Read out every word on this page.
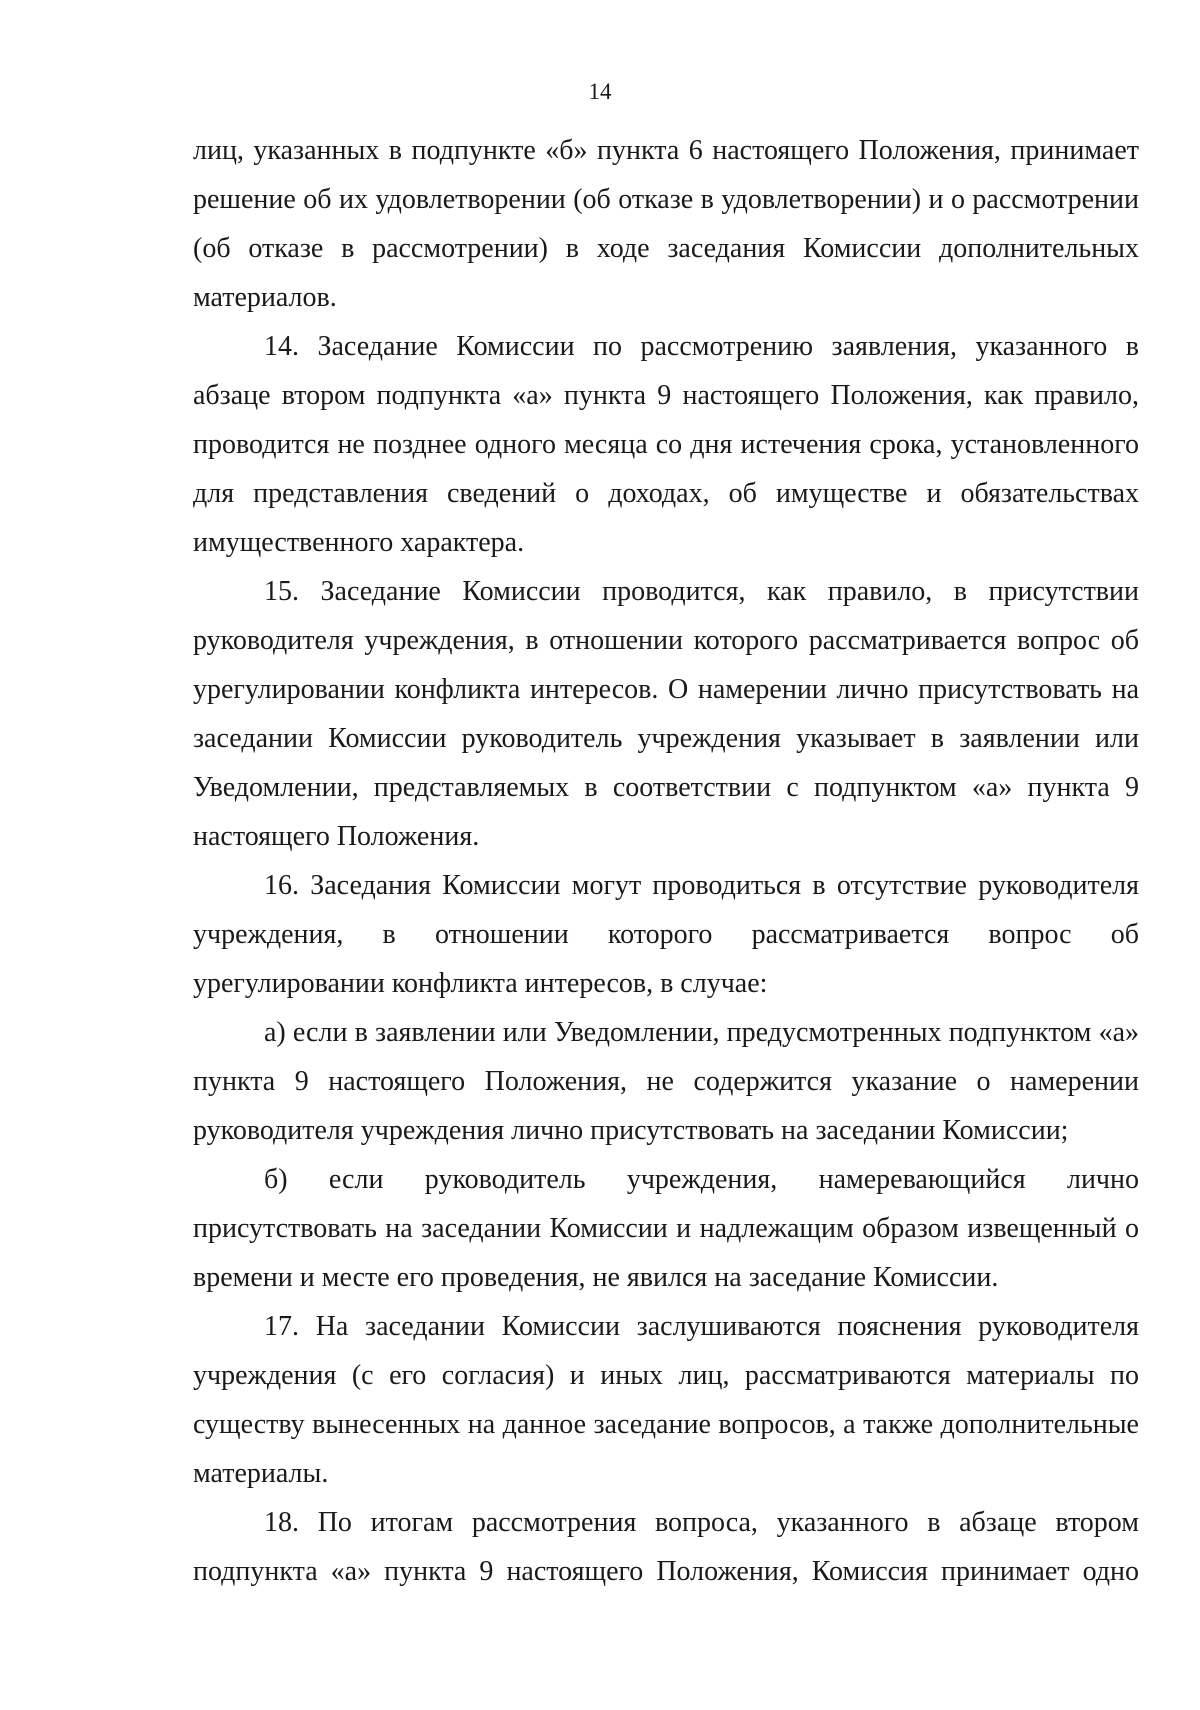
14

лиц, указанных в подпункте «б» пункта 6 настоящего Положения, принимает решение об их удовлетворении (об отказе в удовлетворении) и о рассмотрении (об отказе в рассмотрении) в ходе заседания Комиссии дополнительных материалов.

14. Заседание Комиссии по рассмотрению заявления, указанного в абзаце втором подпункта «а» пункта 9 настоящего Положения, как правило, проводится не позднее одного месяца со дня истечения срока, установленного для представления сведений о доходах, об имуществе и обязательствах имущественного характера.

15. Заседание Комиссии проводится, как правило, в присутствии руководителя учреждения, в отношении которого рассматривается вопрос об урегулировании конфликта интересов. О намерении лично присутствовать на заседании Комиссии руководитель учреждения указывает в заявлении или Уведомлении, представляемых в соответствии с подпунктом «а» пункта 9 настоящего Положения.

16. Заседания Комиссии могут проводиться в отсутствие руководителя учреждения, в отношении которого рассматривается вопрос об урегулировании конфликта интересов, в случае:

а) если в заявлении или Уведомлении, предусмотренных подпунктом «а» пункта 9 настоящего Положения, не содержится указание о намерении руководителя учреждения лично присутствовать на заседании Комиссии;

б) если руководитель учреждения, намеревающийся лично присутствовать на заседании Комиссии и надлежащим образом извещенный о времени и месте его проведения, не явился на заседание Комиссии.

17. На заседании Комиссии заслушиваются пояснения руководителя учреждения (с его согласия) и иных лиц, рассматриваются материалы по существу вынесенных на данное заседание вопросов, а также дополнительные материалы.

18. По итогам рассмотрения вопроса, указанного в абзаце втором подпункта «а» пункта 9 настоящего Положения, Комиссия принимает одно
